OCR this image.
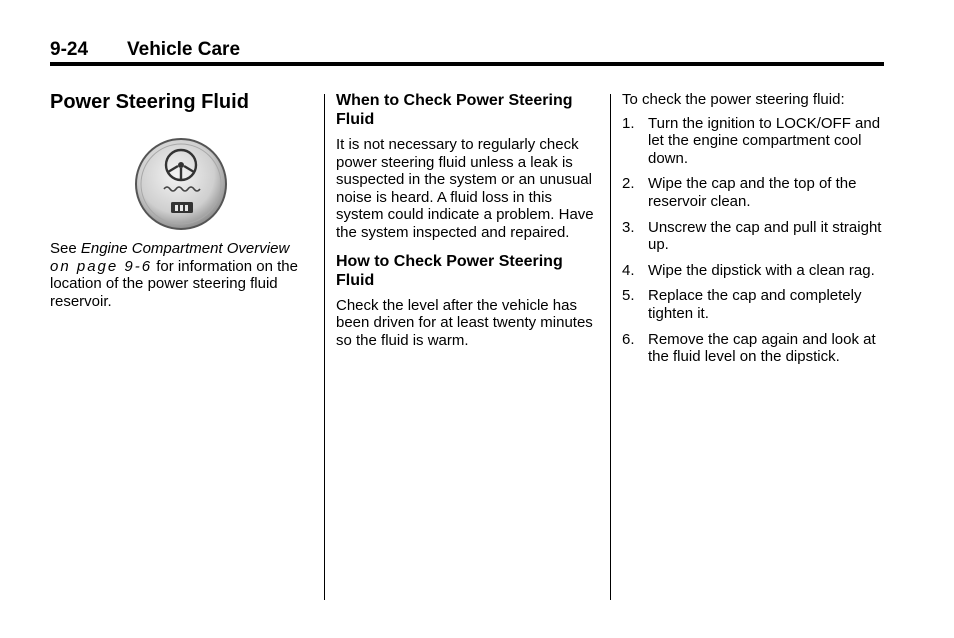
9-24 Vehicle Care
Power Steering Fluid

See Engine Compartment Overview
on page 9-6 for information on the location of the power steering fluid reservoir.

When to Check Power Steering Fluid

It is not necessary to regularly check power steering fluid unless a leak is suspected in the system or an unusual noise is heard. A fluid loss in this system could indicate a problem. Have the system inspected and repaired.

How to Check Power Steering Fluid

Check the level after the vehicle has been driven for at least twenty minutes so the fluid is warm.

To check the power steering fluid:

1. Turn the ignition to LOCK/OFF and let the engine compartment cool down.
2. Wipe the cap and the top of the reservoir clean.
3. Unscrew the cap and pull it straight up.
4. Wipe the dipstick with a clean rag.
5. Replace the cap and completely tighten it.
6. Remove the cap again and look at the fluid level on the dipstick.
